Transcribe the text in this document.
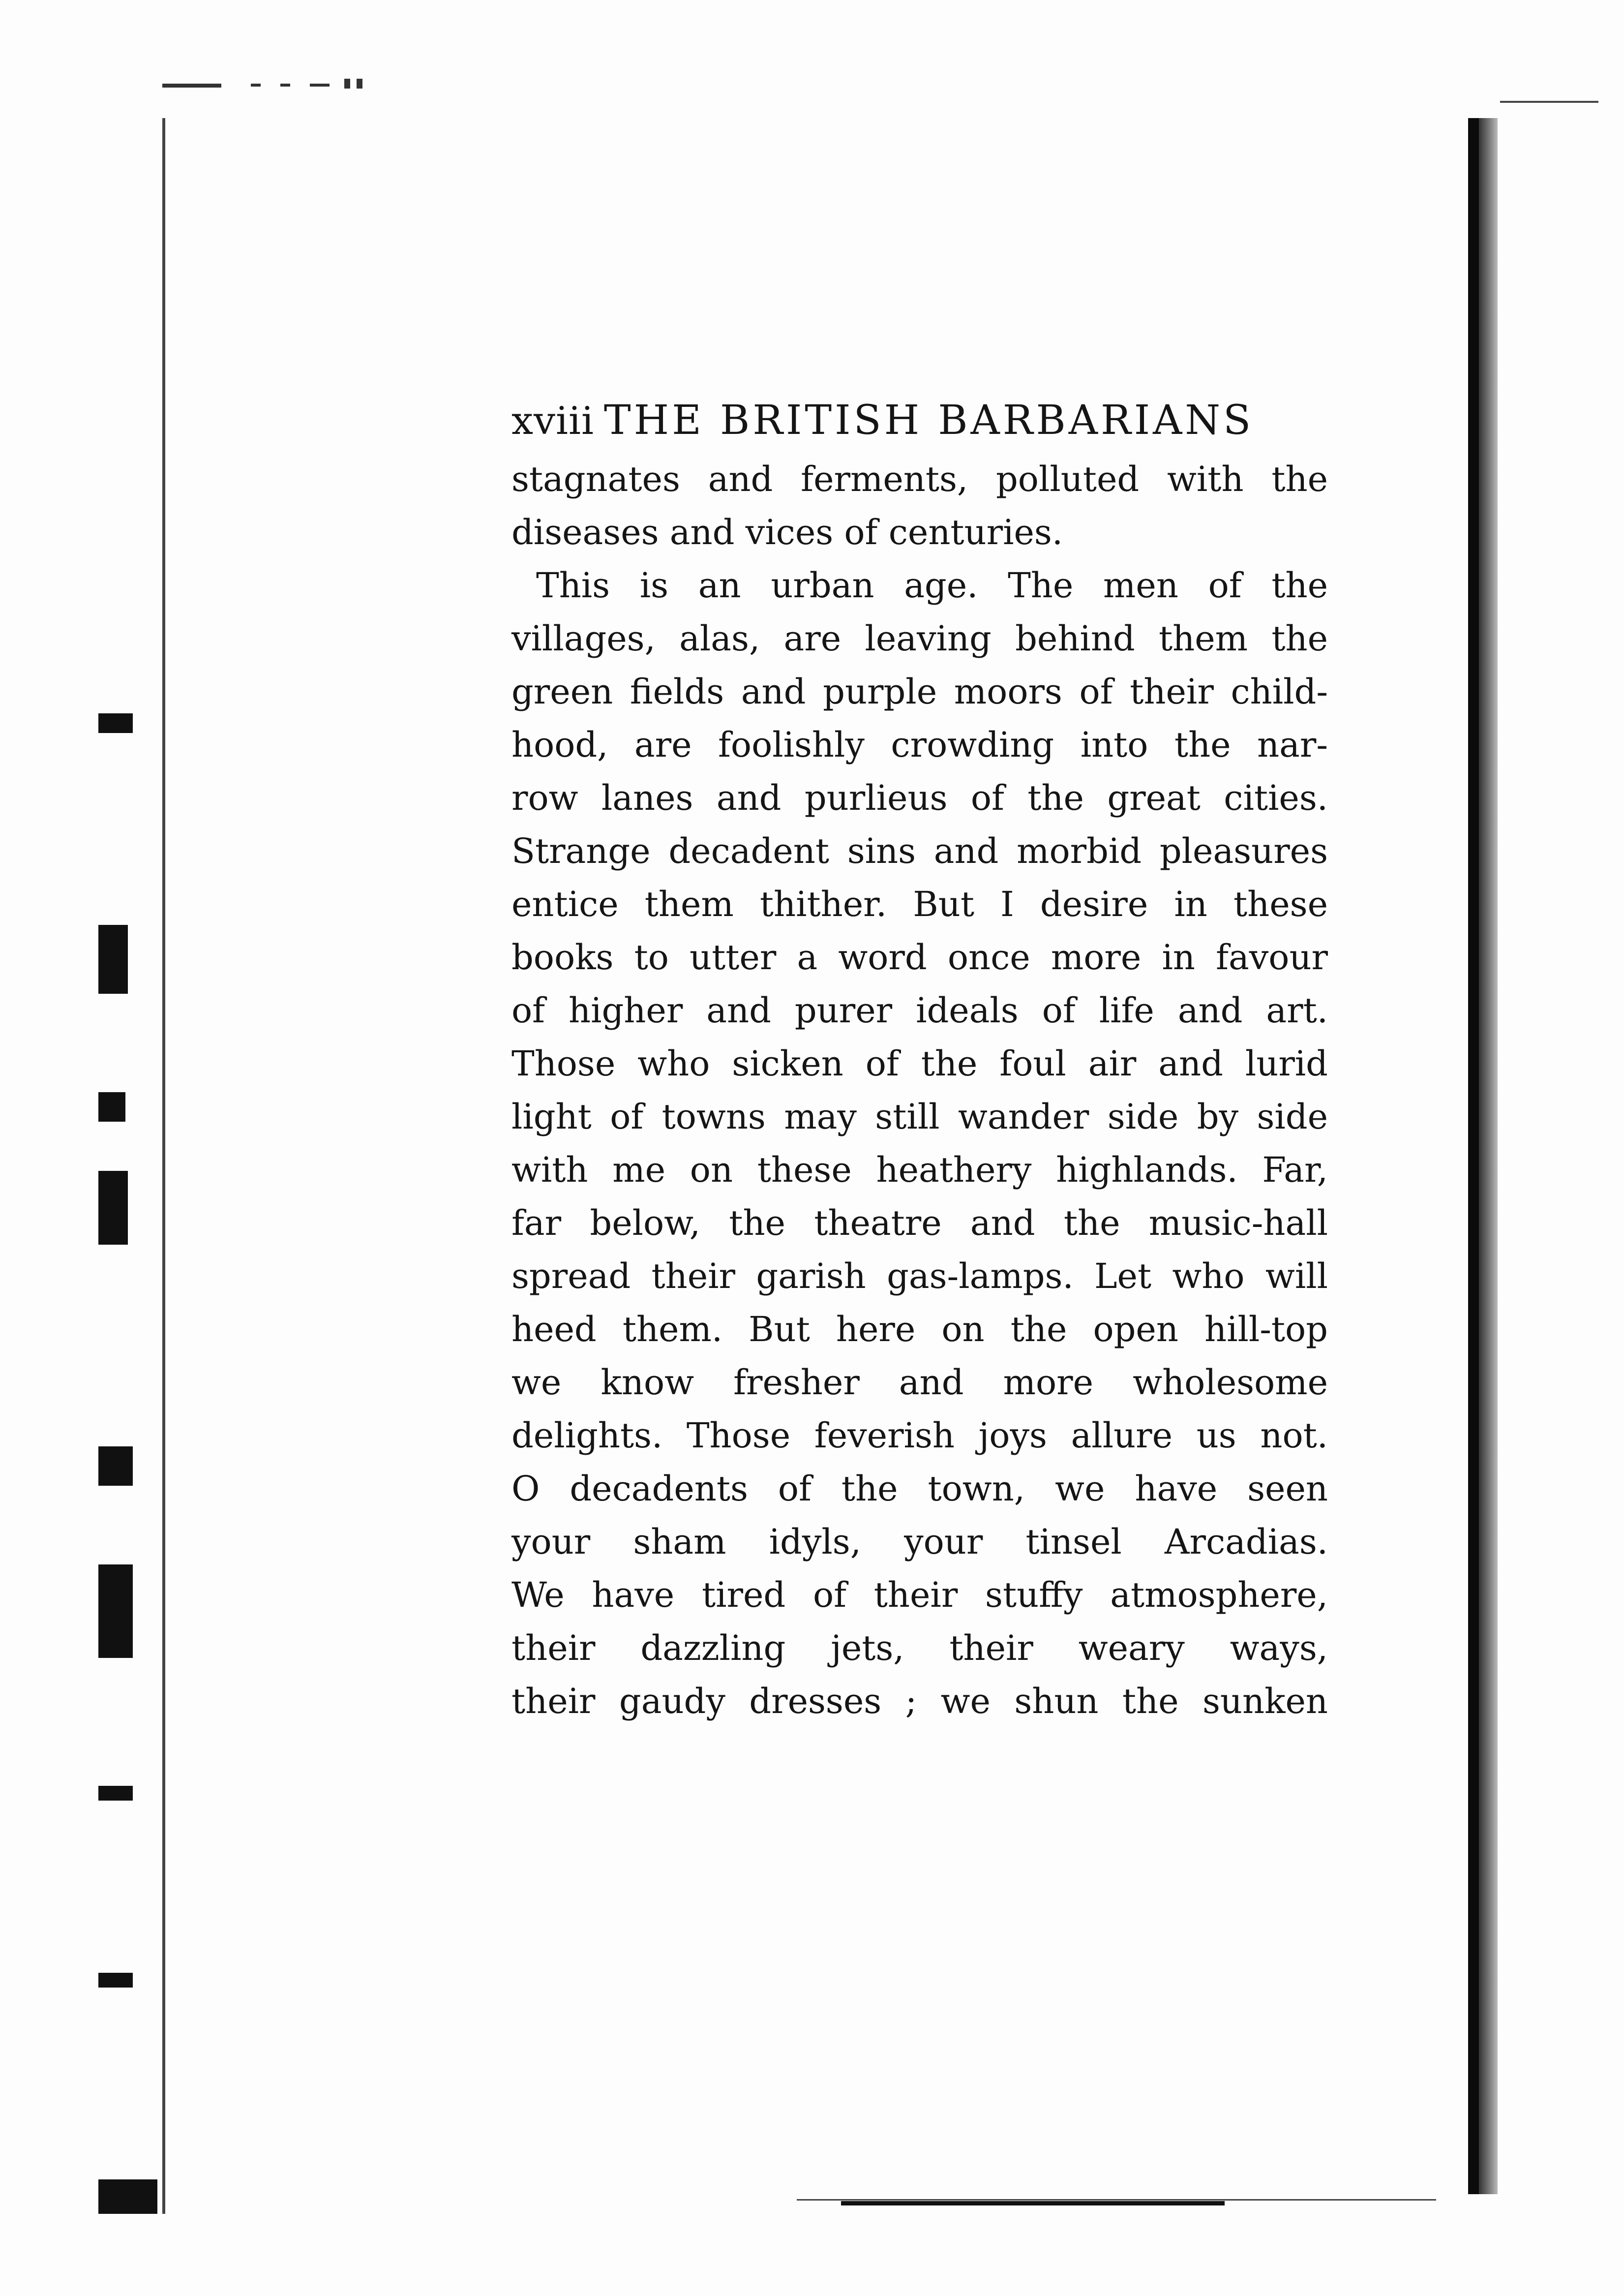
xviii THE BRITISH BARBARIANS
stagnates and ferments, polluted with the
diseases and vices of centuries.
This is an urban age. The men of the
villages, alas, are leaving behind them the
green fields and purple moors of their child-
hood, are foolishly crowding into the nar-
row lanes and purlieus of the great cities.
Strange decadent sins and morbid pleasures
entice them thither. But I desire in these
books to utter a word once more in favour
of higher and purer ideals of life and art.
Those who sicken of the foul air and lurid
light of towns may still wander side by side
with me on these heathery highlands. Far,
far below, the theatre and the music-hall
spread their garish gas-lamps. Let who will
heed them. But here on the open hill-top
we know fresher and more wholesome
delights. Those feverish joys allure us not.
O decadents of the town, we have seen
your sham idyls, your tinsel Arcadias.
We have tired of their stuffy atmosphere,
their dazzling jets, their weary ways,
their gaudy dresses ; we shun the sunken
